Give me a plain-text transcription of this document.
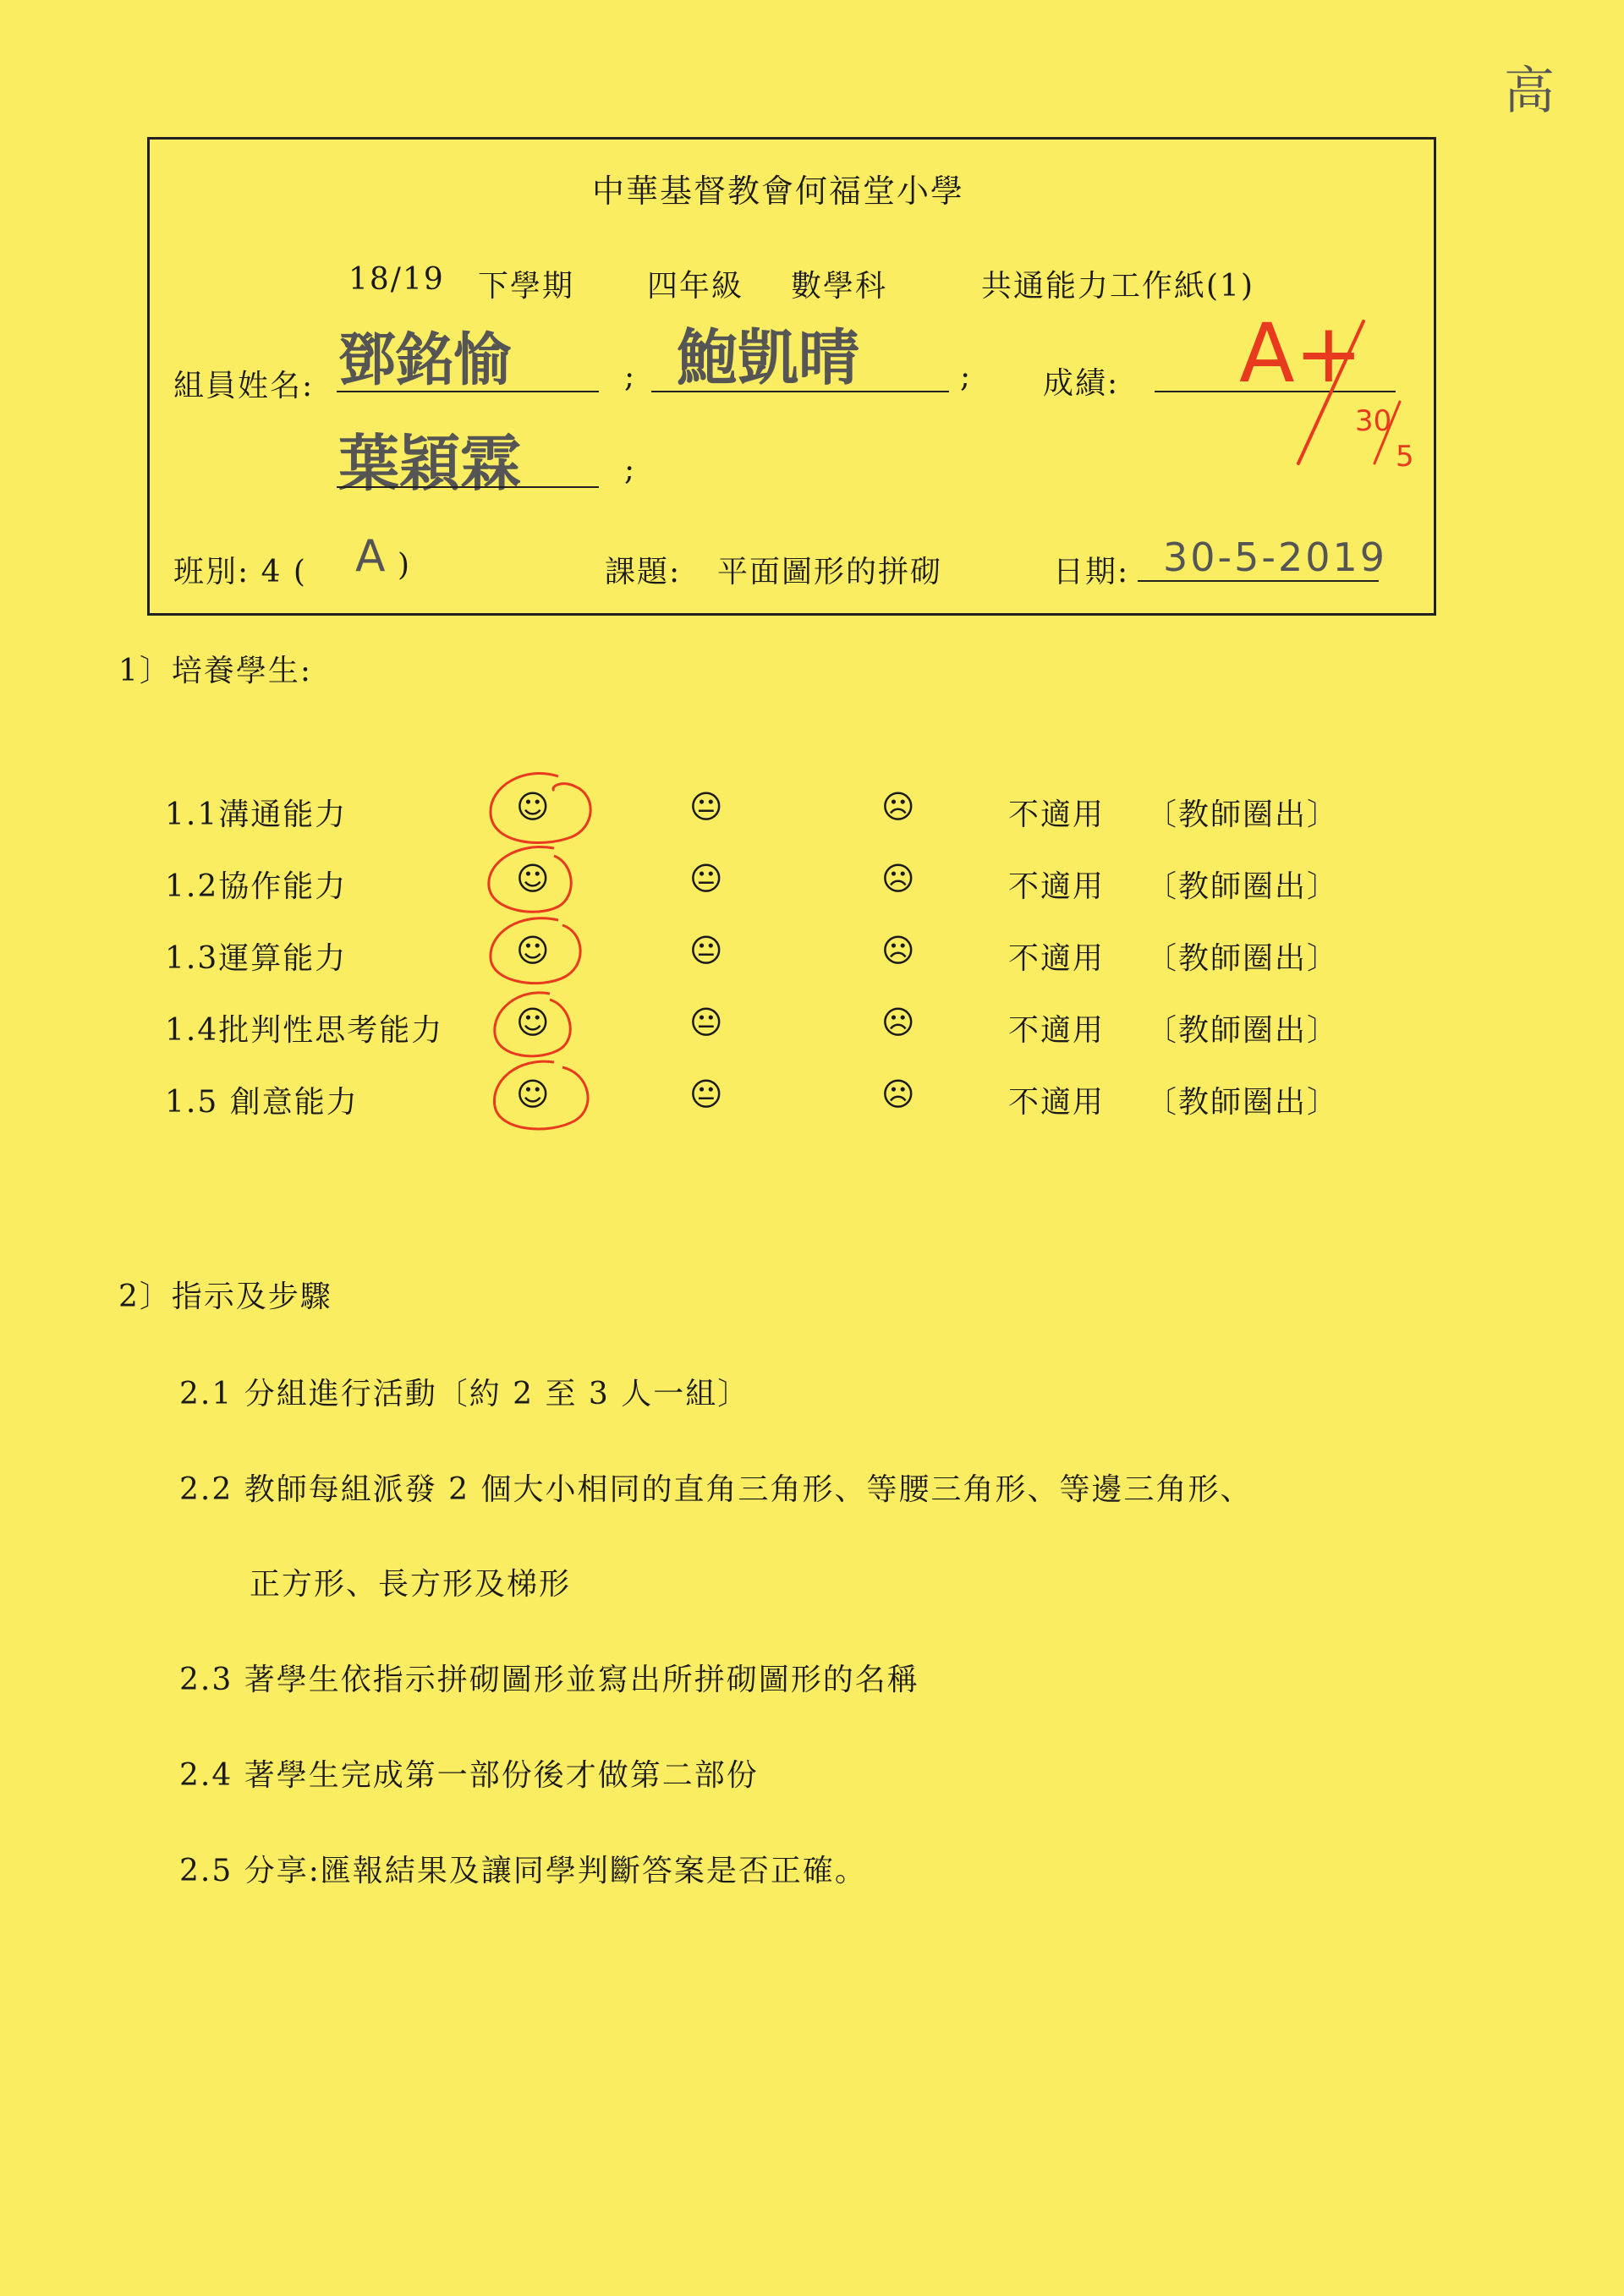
高
中華基督教會何福堂小學
18/19 下學期 四年級 數學科	共通能力工作紙(1)
組員姓名: 鄧銘愉	; 鮑凱晴	; 成績: A+
30
5
葉穎霖	;
班別: 4 ( A )	課題: 平面圖形的拼砌	日期: 30-5-2019
1〕培養學生:
1.1溝通能力	☺	😐	☹	不適用 〔教師圈出〕
1.2協作能力	☺	😐	☹	不適用 〔教師圈出〕
1.3運算能力	☺	😐	☹	不適用 〔教師圈出〕
1.4批判性思考能力 ☺	😐	☹	不適用 〔教師圈出〕
1.5 創意能力	☺	😐	☹	不適用 〔教師圈出〕
2〕指示及步驟
2.1 分組進行活動〔約 2 至 3 人一組〕
2.2 教師每組派發 2 個大小相同的直角三角形、等腰三角形、等邊三角形、
正方形、長方形及梯形
2.3 著學生依指示拼砌圖形並寫出所拼砌圖形的名稱
2.4 著學生完成第一部份後才做第二部份
2.5 分享:匯報結果及讓同學判斷答案是否正確。
